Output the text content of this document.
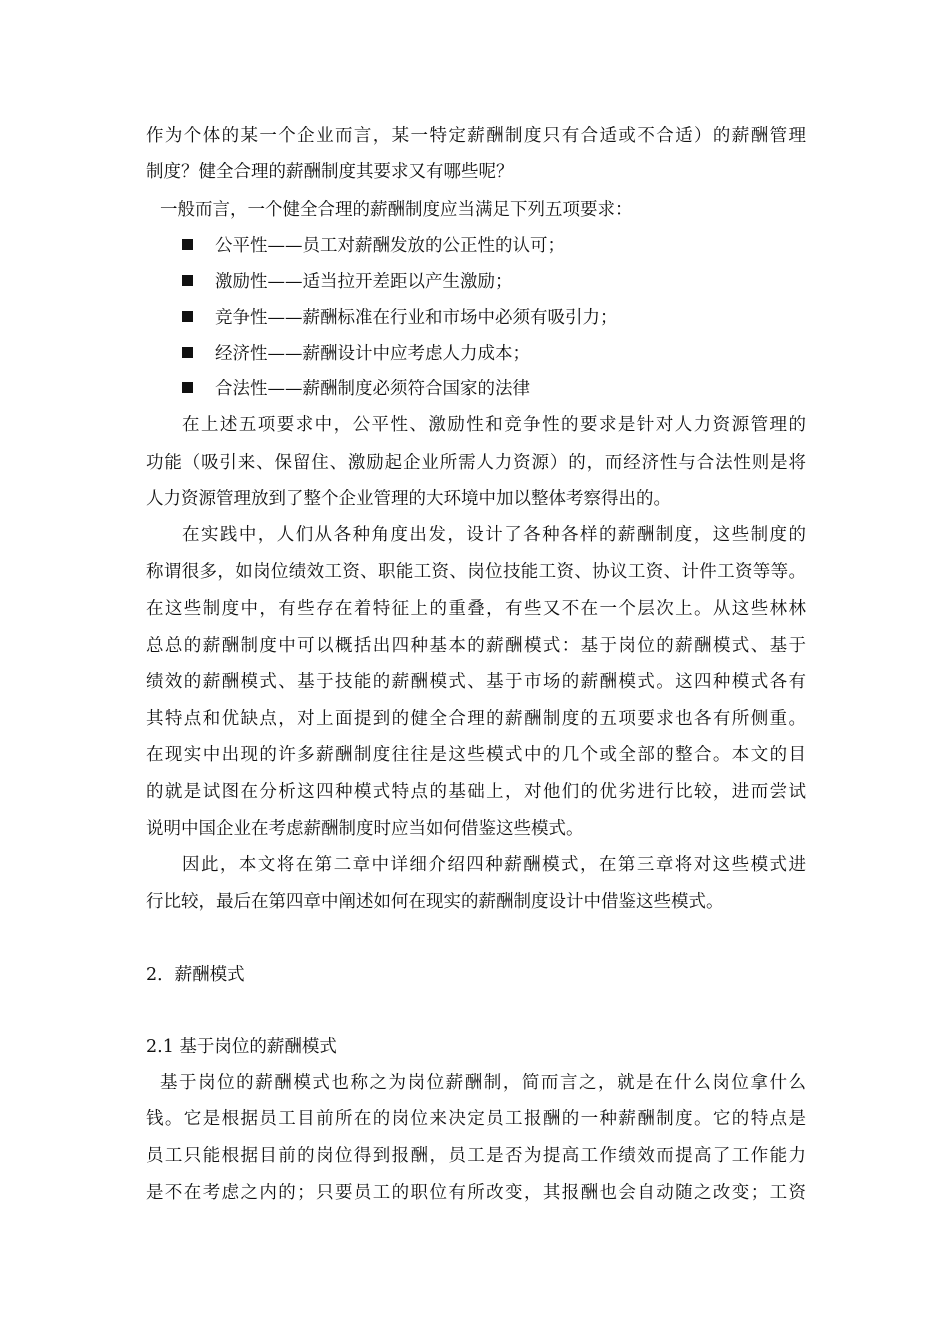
作为个体的某一个企业而言，某一特定薪酬制度只有合适或不合适）的薪酬管理
制度？健全合理的薪酬制度其要求又有哪些呢？
一般而言，一个健全合理的薪酬制度应当满足下列五项要求：
公平性——员工对薪酬发放的公正性的认可；
激励性——适当拉开差距以产生激励；
竞争性——薪酬标准在行业和市场中必须有吸引力；
经济性——薪酬设计中应考虑人力成本；
合法性——薪酬制度必须符合国家的法律
在上述五项要求中，公平性、激励性和竞争性的要求是针对人力资源管理的
功能（吸引来、保留住、激励起企业所需人力资源）的，而经济性与合法性则是将
人力资源管理放到了整个企业管理的大环境中加以整体考察得出的。
在实践中，人们从各种角度出发，设计了各种各样的薪酬制度，这些制度的
称谓很多，如岗位绩效工资、职能工资、岗位技能工资、协议工资、计件工资等等。
在这些制度中，有些存在着特征上的重叠，有些又不在一个层次上。从这些林林
总总的薪酬制度中可以概括出四种基本的薪酬模式：基于岗位的薪酬模式、基于
绩效的薪酬模式、基于技能的薪酬模式、基于市场的薪酬模式。这四种模式各有
其特点和优缺点，对上面提到的健全合理的薪酬制度的五项要求也各有所侧重。
在现实中出现的许多薪酬制度往往是这些模式中的几个或全部的整合。本文的目
的就是试图在分析这四种模式特点的基础上，对他们的优劣进行比较，进而尝试
说明中国企业在考虑薪酬制度时应当如何借鉴这些模式。
因此，本文将在第二章中详细介绍四种薪酬模式，在第三章将对这些模式进
行比较，最后在第四章中阐述如何在现实的薪酬制度设计中借鉴这些模式。
2．薪酬模式
2.1 基于岗位的薪酬模式
基于岗位的薪酬模式也称之为岗位薪酬制，简而言之，就是在什么岗位拿什么
钱。它是根据员工目前所在的岗位来决定员工报酬的一种薪酬制度。它的特点是
员工只能根据目前的岗位得到报酬，员工是否为提高工作绩效而提高了工作能力
是不在考虑之内的；只要员工的职位有所改变，其报酬也会自动随之改变；工资
